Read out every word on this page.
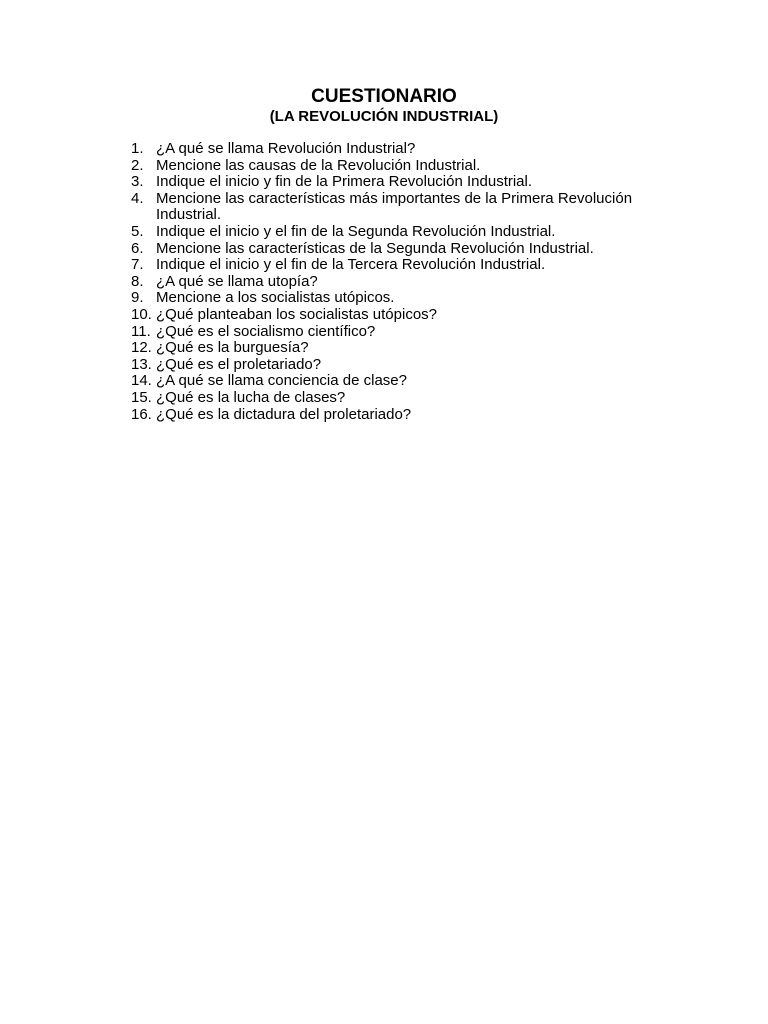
CUESTIONARIO
(LA REVOLUCIÓN INDUSTRIAL)
1. ¿A qué se llama Revolución Industrial?
2. Mencione las causas de la Revolución Industrial.
3. Indique el inicio y fin de la Primera Revolución Industrial.
4. Mencione las características más importantes de la Primera Revolución Industrial.
5. Indique el inicio y el fin de la Segunda Revolución Industrial.
6. Mencione las características de la Segunda Revolución Industrial.
7. Indique el inicio y el fin de la Tercera Revolución Industrial.
8. ¿A qué se llama utopía?
9. Mencione a los socialistas utópicos.
10. ¿Qué planteaban los socialistas utópicos?
11. ¿Qué es el socialismo científico?
12. ¿Qué es la burguesía?
13. ¿Qué es el proletariado?
14. ¿A qué se llama conciencia de clase?
15. ¿Qué es la lucha de clases?
16. ¿Qué es la dictadura del proletariado?
